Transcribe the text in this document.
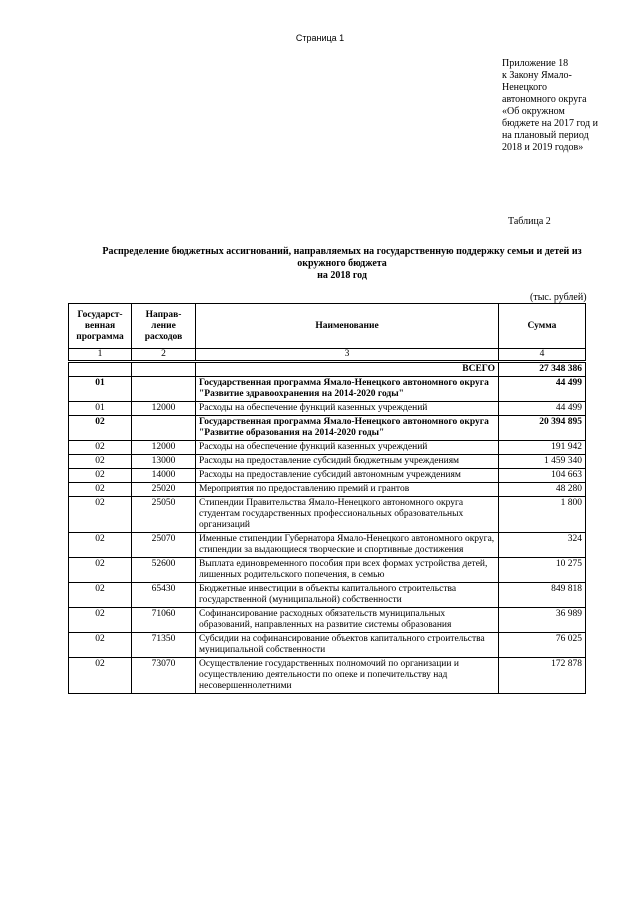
Страница 1
Приложение 18
к Закону Ямало-
Ненецкого
автономного округа
«Об окружном
бюджете на 2017 год и
на плановый период
2018 и 2019 годов»
Таблица 2
Распределение бюджетных ассигнований, направляемых на государственную поддержку семьи и детей из
окружного бюджета
на 2018 год
(тыс. рублей)
Государст-венная программа	Направ-ление расходов	Наименование	Сумма
1	2	3	4
		ВСЕГО	27 348 386
01		Государственная программа Ямало-Ненецкого автономного округа "Развитие здравоохранения на 2014-2020 годы"	44 499
01	12000	Расходы на обеспечение функций казенных учреждений	44 499
02		Государственная программа Ямало-Ненецкого автономного округа "Развитие образования на 2014-2020 годы"	20 394 895
02	12000	Расходы на обеспечение функций казенных учреждений	191 942
02	13000	Расходы на предоставление субсидий бюджетным учреждениям	1 459 340
02	14000	Расходы на предоставление субсидий автономным учреждениям	104 663
02	25020	Мероприятия по предоставлению премий и грантов	48 280
02	25050	Стипендии Правительства Ямало-Ненецкого автономного округа студентам государственных профессиональных образовательных организаций	1 800
02	25070	Именные стипендии Губернатора Ямало-Ненецкого автономного округа, стипендии за выдающиеся творческие и спортивные достижения	324
02	52600	Выплата единовременного пособия при всех формах устройства детей, лишенных родительского попечения, в семью	10 275
02	65430	Бюджетные инвестиции в объекты капитального строительства государственной (муниципальной) собственности	849 818
02	71060	Софинансирование расходных обязательств муниципальных образований, направленных на развитие системы образования	36 989
02	71350	Субсидии на софинансирование объектов капитального строительства муниципальной собственности	76 025
02	73070	Осуществление государственных полномочий по организации и осуществлению деятельности по опеке и попечительству над несовершеннолетними	172 878
